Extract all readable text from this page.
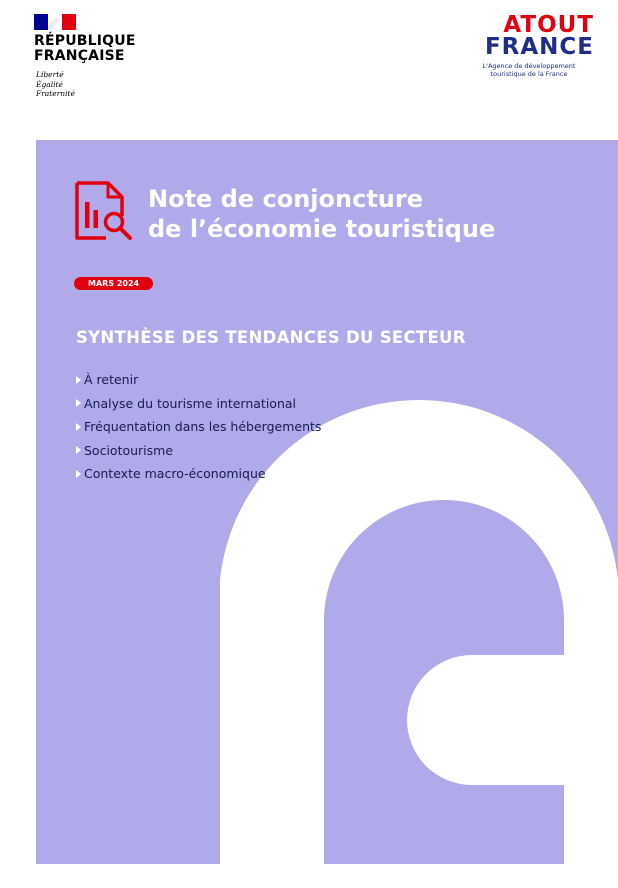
RÉPUBLIQUE
FRANÇAISE
Liberté
Égalité
Fraternité
ATOUT
FRANCE
L'Agence de développement
touristique de la France
Note de conjoncture
de l’économie touristique
MARS 2024
SYNTHÈSE DES TENDANCES DU SECTEUR
À retenir
Analyse du tourisme international
Fréquentation dans les hébergements
Sociotourisme
Contexte macro-économique
